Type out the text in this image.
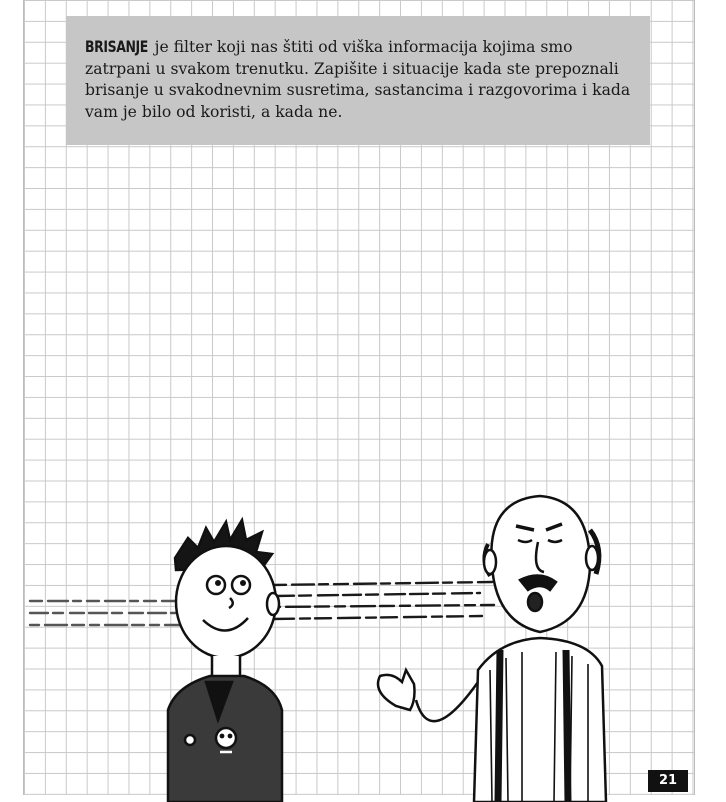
BRISANJE je filter koji nas štiti od viška informacija kojima smo zatrpani u svakom trenutku. Zapišite i situacije kada ste prepoznali brisanje u svakodnevnim susretima, sastancima i razgovorima i kada vam je bilo od koristi, a kada ne.

21
